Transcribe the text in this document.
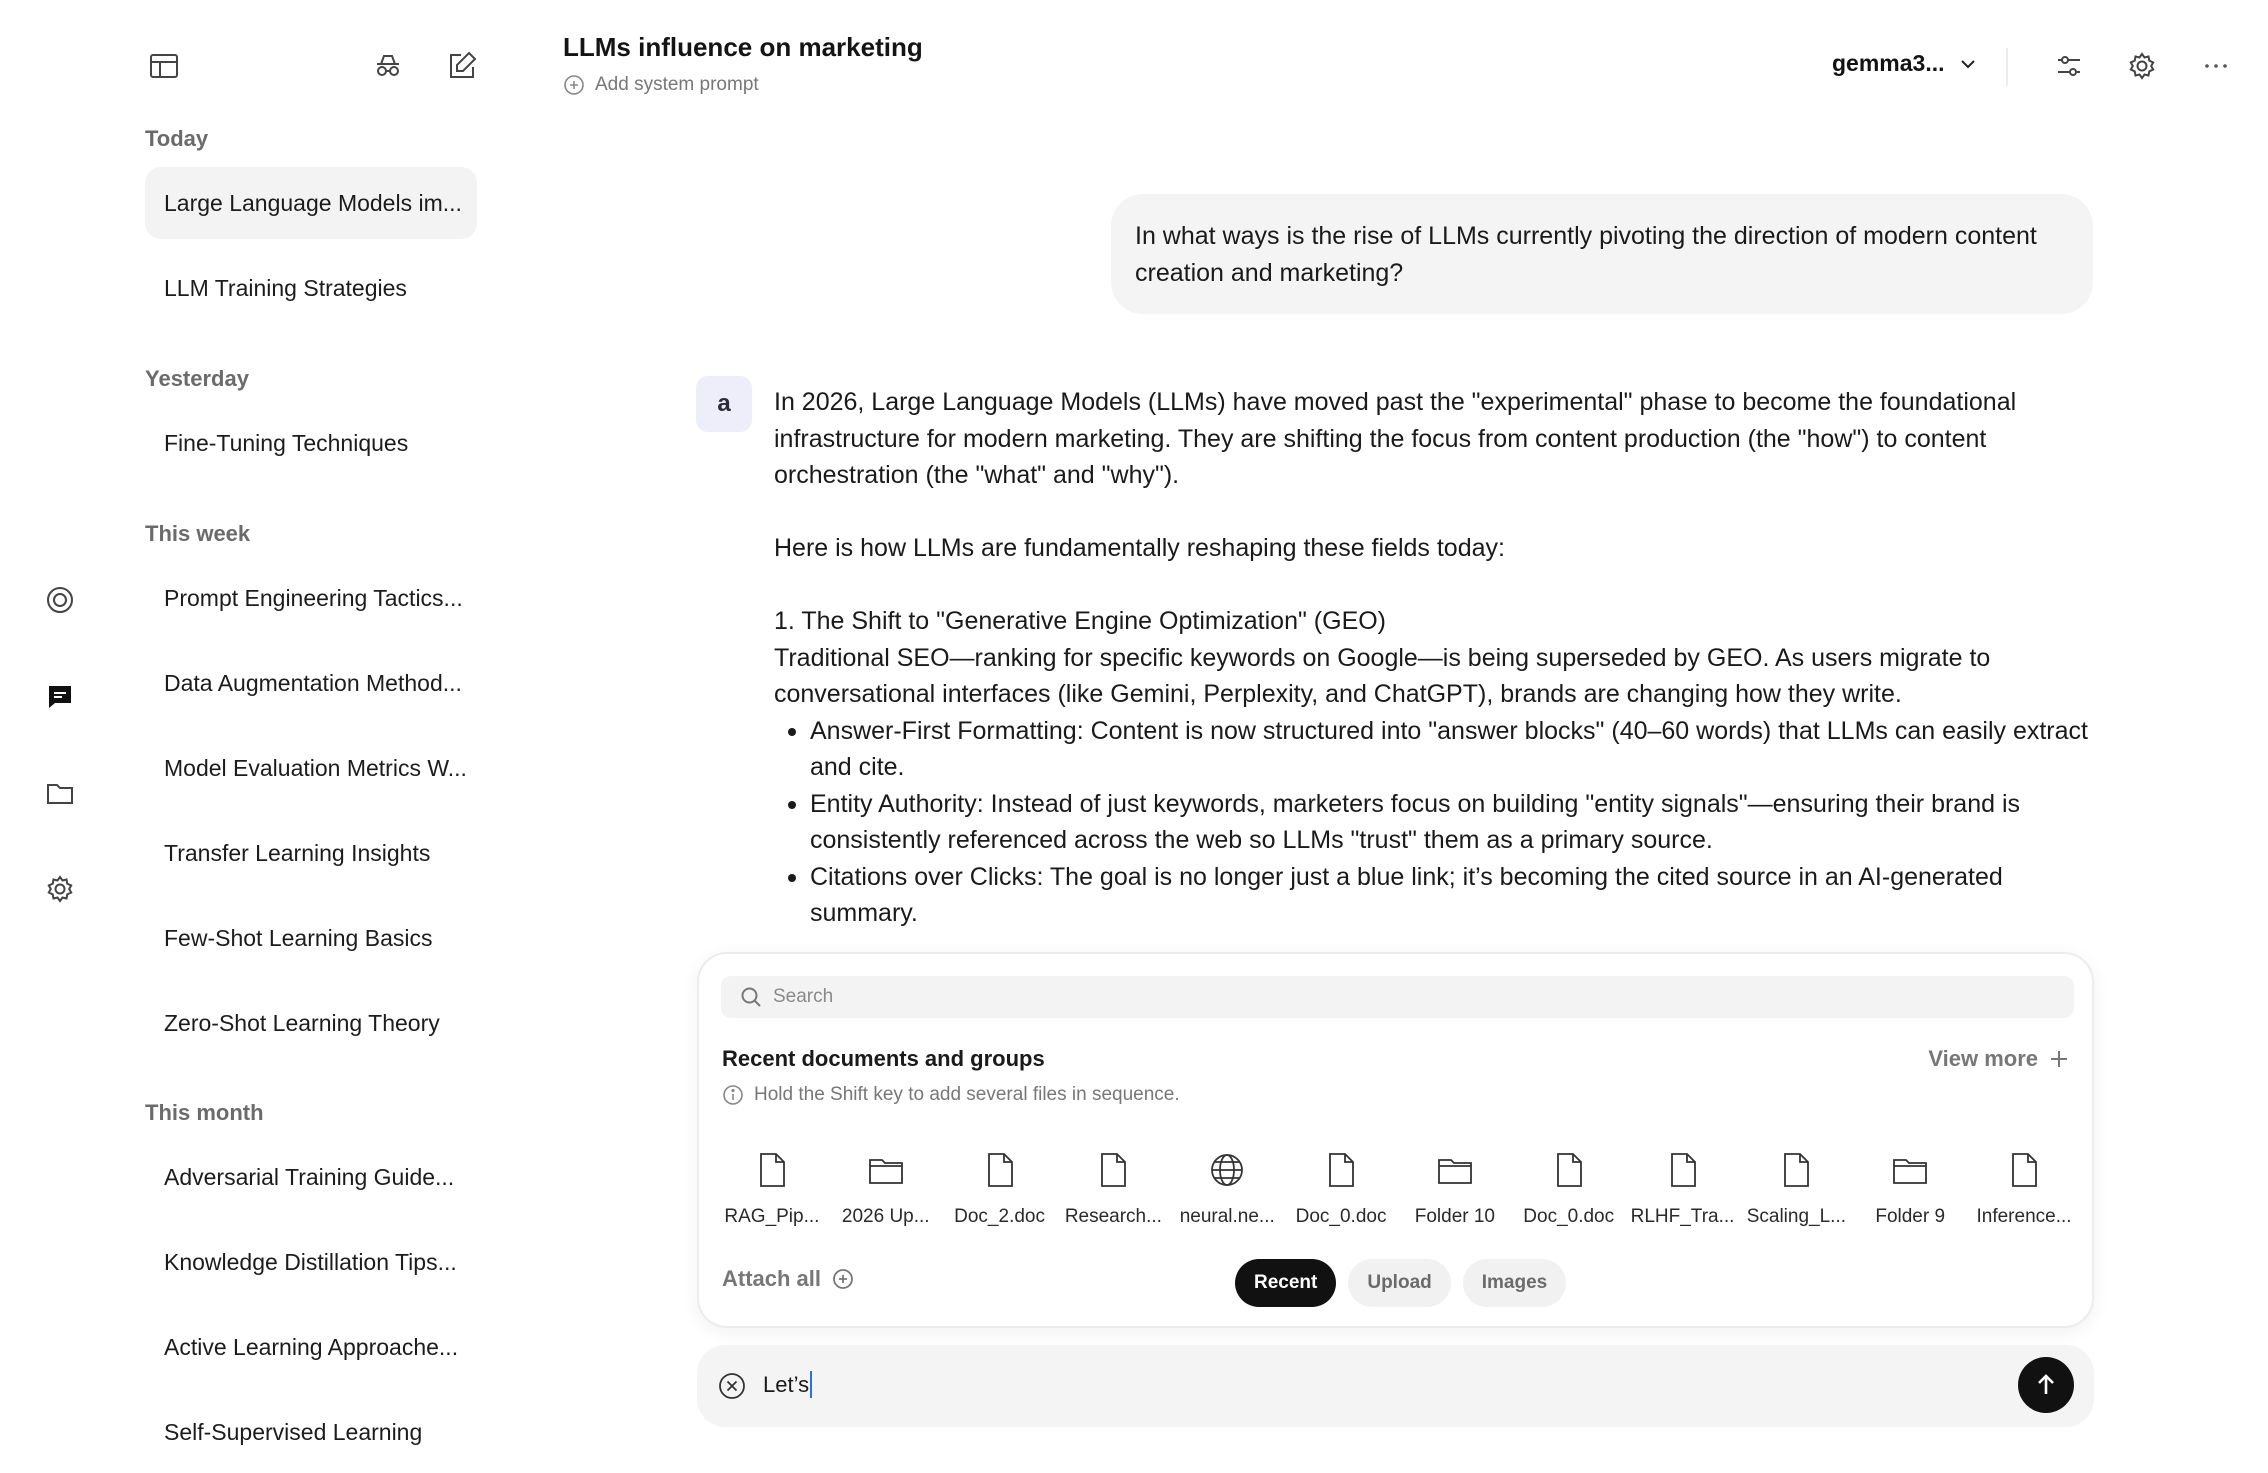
Today
Large Language Models im...
LLM Training Strategies
Yesterday
Fine-Tuning Techniques
This week
Prompt Engineering Tactics...
Data Augmentation Method...
Model Evaluation Metrics W...
Transfer Learning Insights
Few-Shot Learning Basics
Zero-Shot Learning Theory
This month
Adversarial Training Guide...
Knowledge Distillation Tips...
Active Learning Approache...
Self-Supervised Learning
LLMs influence on marketing
Add system prompt
gemma3...
In what ways is the rise of LLMs currently pivoting the direction of modern content creation and marketing?
a	In 2026, Large Language Models (LLMs) have moved past the "experimental" phase to become the foundational infrastructure for modern marketing. They are shifting the focus from content production (the "how") to content orchestration (the "what" and "why").

Here is how LLMs are fundamentally reshaping these fields today:

1. The Shift to "Generative Engine Optimization" (GEO)

Traditional SEO—ranking for specific keywords on Google—is being superseded by GEO. As users migrate to conversational interfaces (like Gemini, Perplexity, and ChatGPT), brands are changing how they write.

Answer-First Formatting: Content is now structured into "answer blocks" (40–60 words) that LLMs can easily extract and cite.
Entity Authority: Instead of just keywords, marketers focus on building "entity signals"—ensuring their brand is consistently referenced across the web so LLMs "trust" them as a primary source.
Citations over Clicks: The goal is no longer just a blue link; it’s becoming the cited source in an AI-generated summary.
Search
Recent documents and groups	View more
Hold the Shift key to add several files in sequence.
RAG_Pip... 2026 Up... Doc_2.doc Research... neural.ne... Doc_0.doc Folder 10 Doc_0.doc RLHF_Tra... Scaling_L... Folder 9 Inference...
Attach all	Recent	Upload	Images
Let’s
